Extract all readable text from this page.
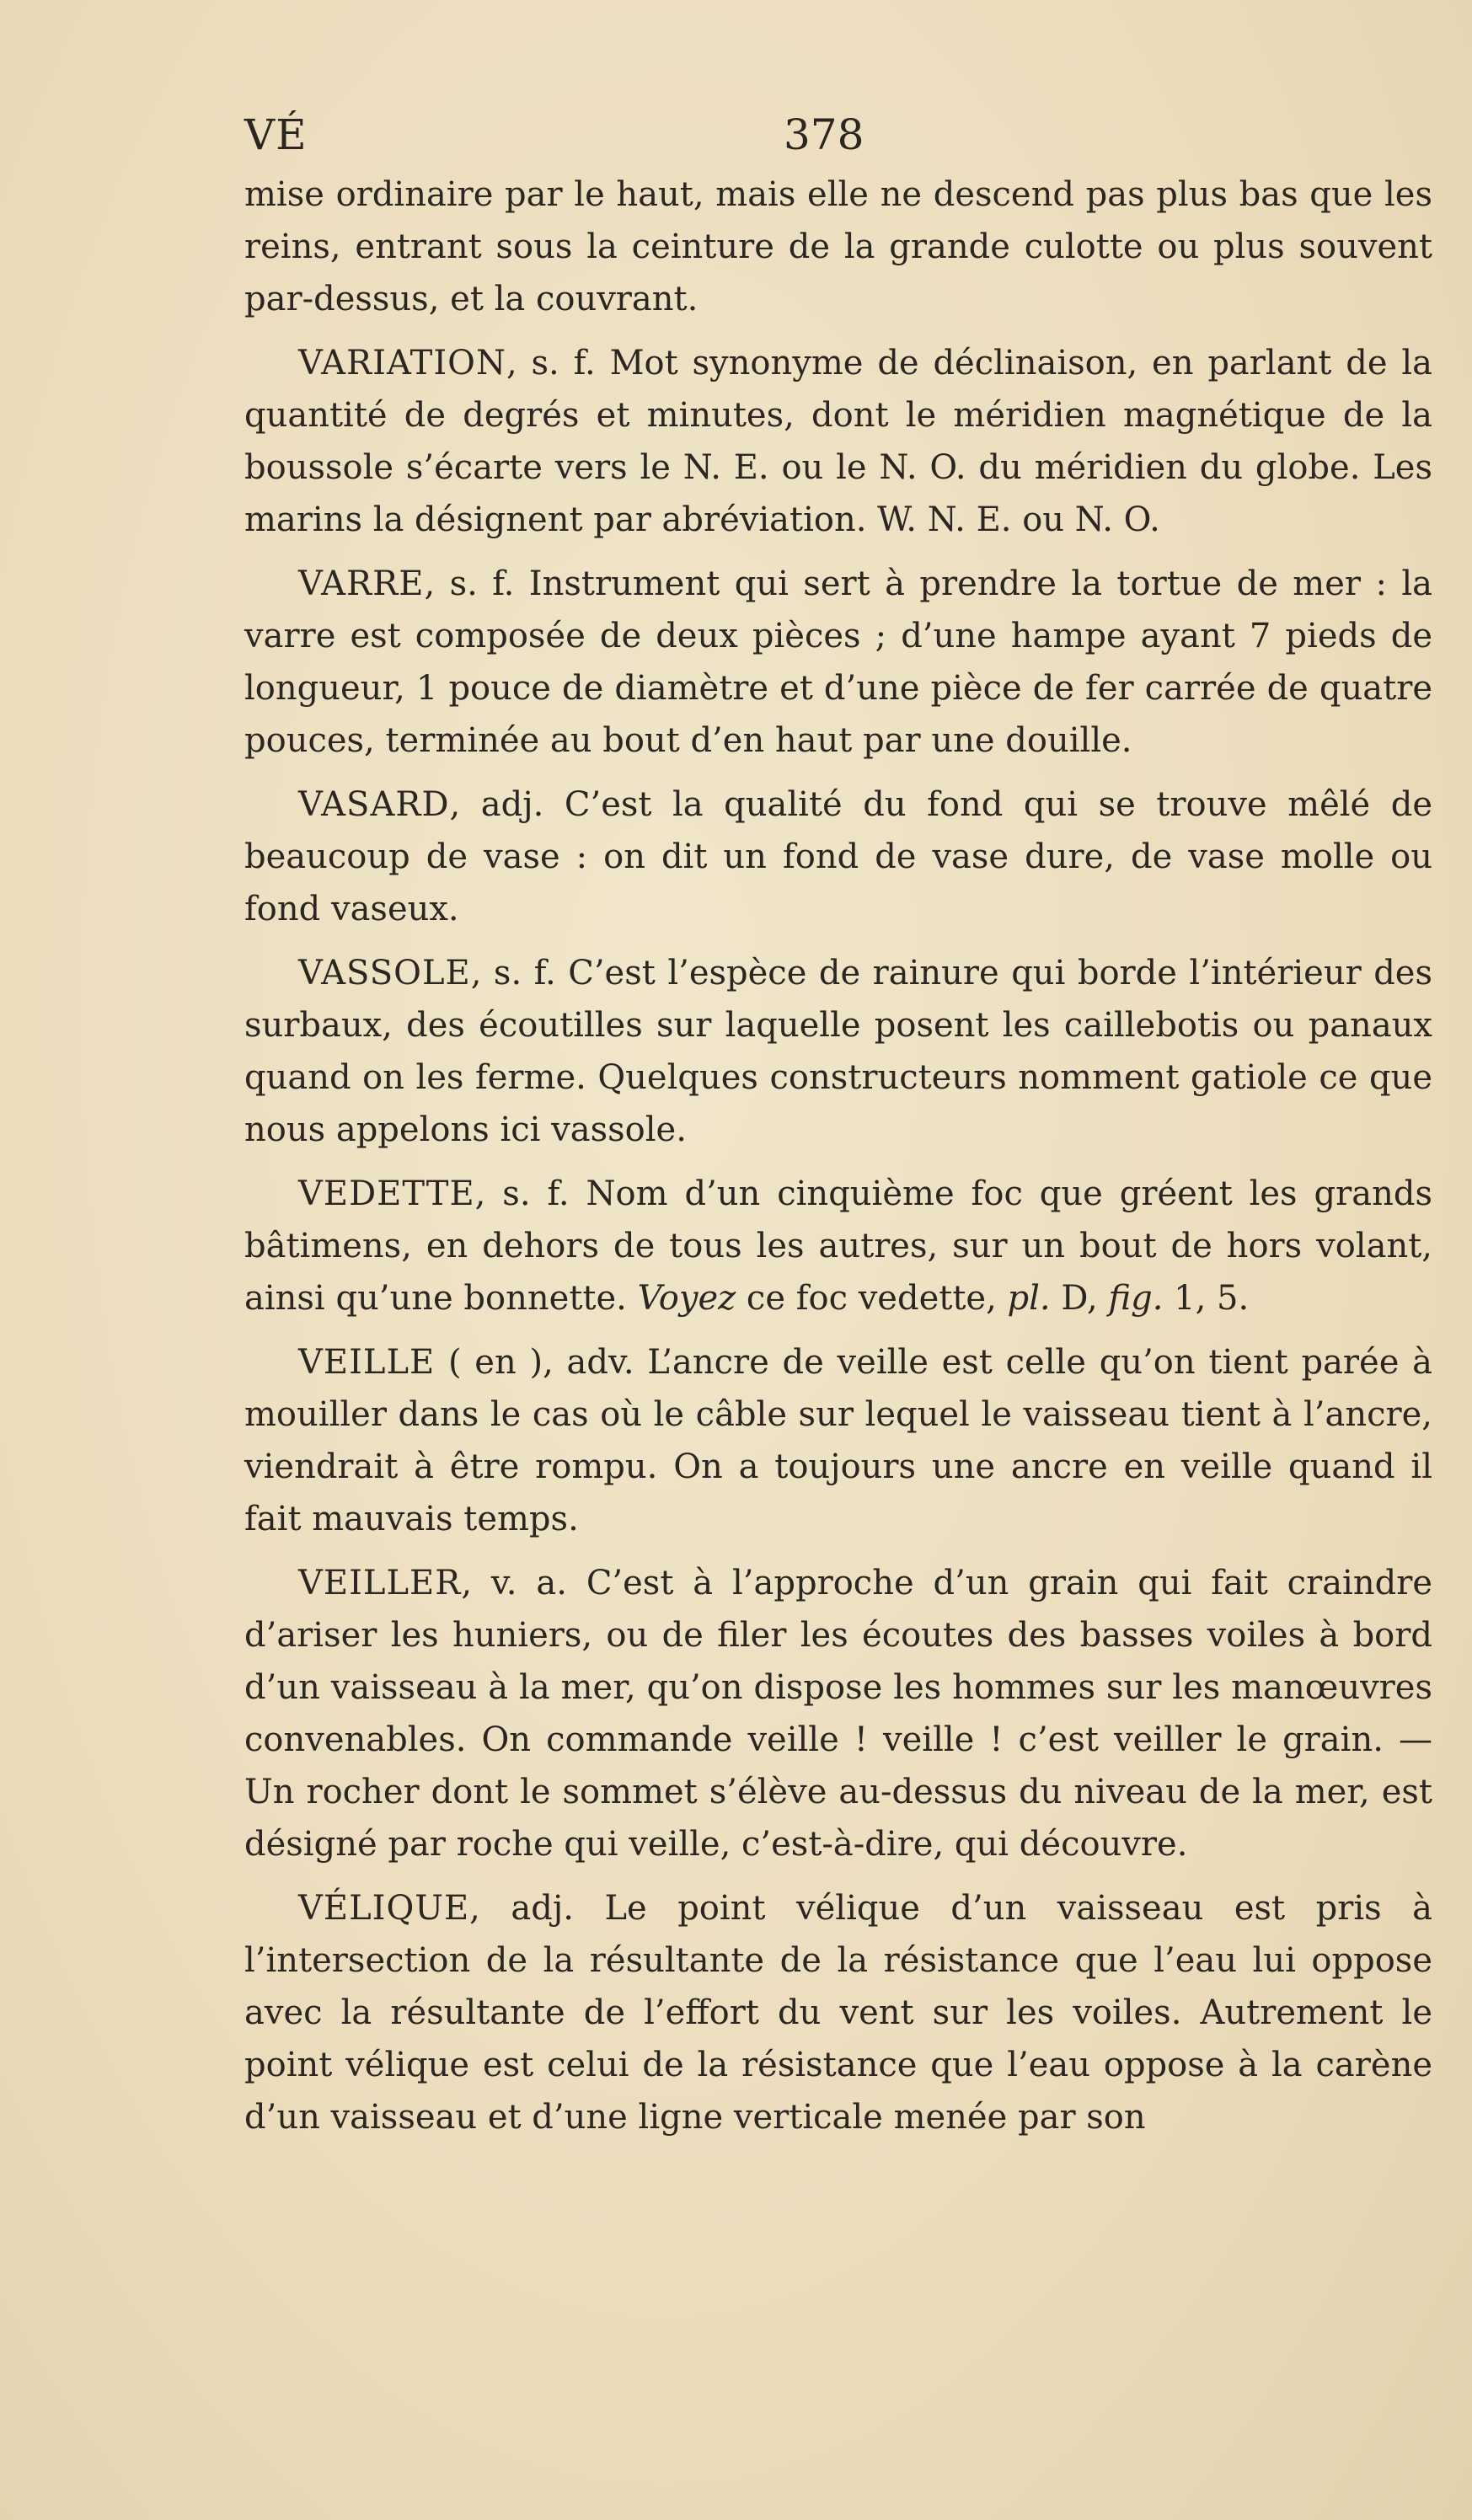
VÉ	378

mise ordinaire par le haut, mais elle ne descend pas plus bas que les reins, entrant sous la ceinture de la grande culotte ou plus souvent par-dessus, et la couvrant.

VARIATION, s. f. Mot synonyme de déclinaison, en parlant de la quantité de degrés et minutes, dont le méridien magnétique de la boussole s’écarte vers le N. E. ou le N. O. du méridien du globe. Les marins la désignent par abréviation. W. N. E. ou N. O.

VARRE, s. f. Instrument qui sert à prendre la tortue de mer : la varre est composée de deux pièces ; d’une hampe ayant 7 pieds de longueur, 1 pouce de diamètre et d’une pièce de fer carrée de quatre pouces, terminée au bout d’en haut par une douille.

VASARD, adj. C’est la qualité du fond qui se trouve mêlé de beaucoup de vase : on dit un fond de vase dure, de vase molle ou fond vaseux.

VASSOLE, s. f. C’est l’espèce de rainure qui borde l’intérieur des surbaux, des écoutilles sur laquelle posent les caillebotis ou panaux quand on les ferme. Quelques constructeurs nomment gatiole ce que nous appelons ici vassole.

VEDETTE, s. f. Nom d’un cinquième foc que gréent les grands bâtimens, en dehors de tous les autres, sur un bout de hors volant, ainsi qu’une bonnette. Voyez ce foc vedette, pl. D, fig. 1, 5.

VEILLE ( en ), adv. L’ancre de veille est celle qu’on tient parée à mouiller dans le cas où le câble sur lequel le vaisseau tient à l’ancre, viendrait à être rompu. On a toujours une ancre en veille quand il fait mauvais temps.

VEILLER, v. a. C’est à l’approche d’un grain qui fait craindre d’ariser les huniers, ou de filer les écoutes des basses voiles à bord d’un vaisseau à la mer, qu’on dispose les hommes sur les manœuvres convenables. On commande veille ! veille ! c’est veiller le grain. — Un rocher dont le sommet s’élève au-dessus du niveau de la mer, est désigné par roche qui veille, c’est-à-dire, qui découvre.

VÉLIQUE, adj. Le point vélique d’un vaisseau est pris à l’intersection de la résultante de la résistance que l’eau lui oppose avec la résultante de l’effort du vent sur les voiles. Autrement le point vélique est celui de la résistance que l’eau oppose à la carène d’un vaisseau et d’une ligne verticale menée par son
